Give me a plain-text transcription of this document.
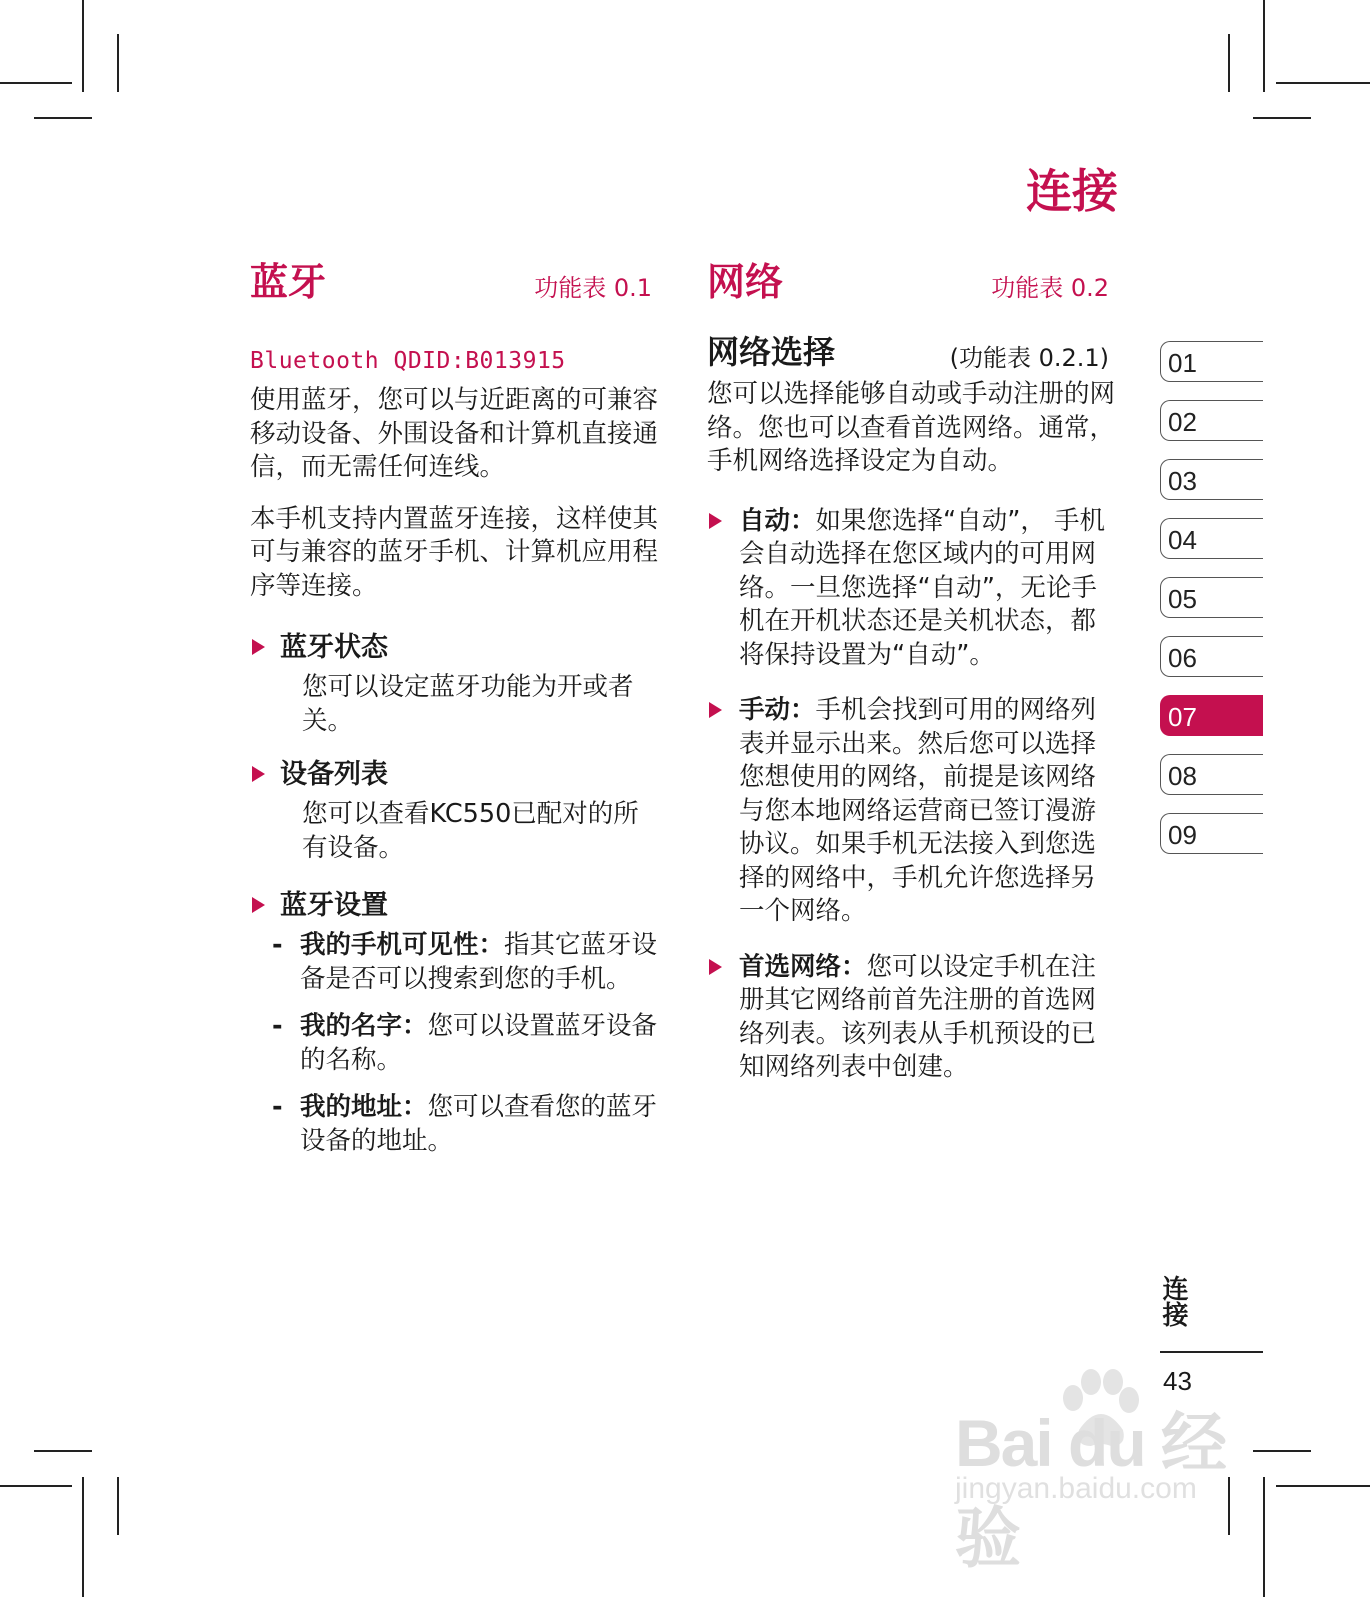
连接
蓝牙	功能表 0.1
Bluetooth QDID:B013915

使用蓝牙，您可以与近距离的可兼容移动设备、外围设备和计算机直接通信，而无需任何连线。

本手机支持内置蓝牙连接，这样使其可与兼容的蓝牙手机、计算机应用程序等连接。

蓝牙状态
您可以设定蓝牙功能为开或者关。
设备列表
您可以查看KC550已配对的所有设备。
蓝牙设置
- 我的手机可见性：指其它蓝牙设备是否可以搜索到您的手机。
- 我的名字：您可以设置蓝牙设备的名称。
- 我的地址：您可以查看您的蓝牙设备的地址。
网络	功能表 0.2
网络选择	(功能表 0.2.1)

您可以选择能够自动或手动注册的网络。您也可以查看首选网络。通常，手机网络选择设定为自动。

自动：如果您选择“自动”， 手机会自动选择在您区域内的可用网络。一旦您选择“自动”，无论手机在开机状态还是关机状态，都将保持设置为“自动”。
手动：手机会找到可用的网络列表并显示出来。然后您可以选择您想使用的网络，前提是该网络与您本地网络运营商已签订漫游协议。如果手机无法接入到您选择的网络中，手机允许您选择另一个网络。
首选网络：您可以设定手机在注册其它网络前首先注册的首选网络列表。该列表从手机预设的已知网络列表中创建。
01
02
03
04
05
06
07
08
09
连接
43
Bai du 经验
jingyan.baidu.com
